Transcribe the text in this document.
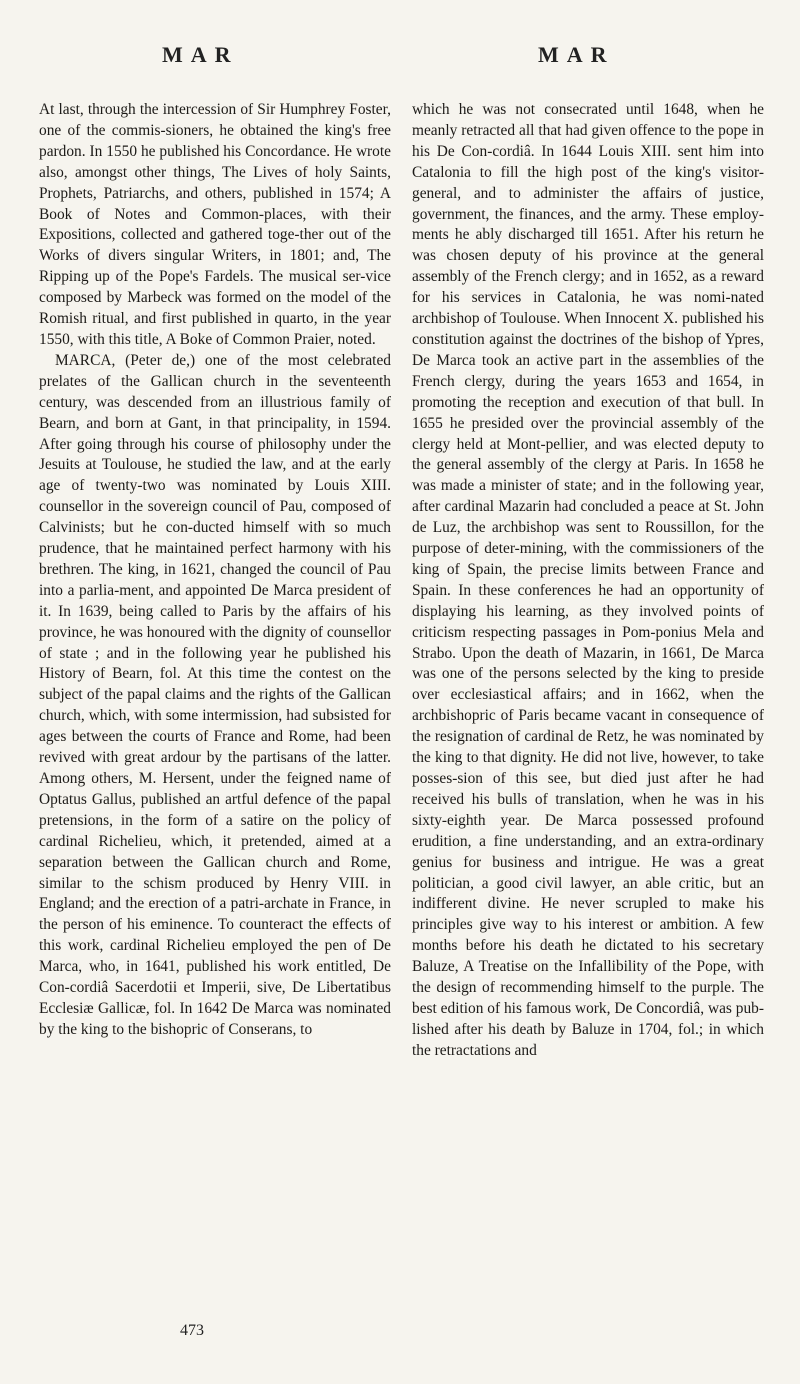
MAR	MAR

At last, through the intercession of Sir Humphrey Foster, one of the commis-sioners, he obtained the king's free pardon. In 1550 he published his Concordance. He wrote also, amongst other things, The Lives of holy Saints, Prophets, Patriarchs, and others, published in 1574; A Book of Notes and Common-places, with their Expositions, collected and gathered toge-ther out of the Works of divers singular Writers, in 1801; and, The Ripping up of the Pope's Fardels. The musical ser-vice composed by Marbeck was formed on the model of the Romish ritual, and first published in quarto, in the year 1550, with this title, A Boke of Common Praier, noted.

MARCA, (Peter de,) one of the most celebrated prelates of the Gallican church in the seventeenth century, was descended from an illustrious family of Bearn, and born at Gant, in that principality, in 1594. After going through his course of philosophy under the Jesuits at Toulouse, he studied the law, and at the early age of twenty-two was nominated by Louis XIII. counsellor in the sovereign council of Pau, composed of Calvinists; but he con-ducted himself with so much prudence, that he maintained perfect harmony with his brethren. The king, in 1621, changed the council of Pau into a parlia-ment, and appointed De Marca president of it. In 1639, being called to Paris by the affairs of his province, he was honoured with the dignity of counsellor of state ; and in the following year he published his History of Bearn, fol. At this time the contest on the subject of the papal claims and the rights of the Gallican church, which, with some intermission, had subsisted for ages between the courts of France and Rome, had been revived with great ardour by the partisans of the latter. Among others, M. Hersent, under the feigned name of Optatus Gallus, published an artful defence of the papal pretensions, in the form of a satire on the policy of cardinal Richelieu, which, it pretended, aimed at a separation between the Gallican church and Rome, similar to the schism produced by Henry VIII. in England; and the erection of a patri-archate in France, in the person of his eminence. To counteract the effects of this work, cardinal Richelieu employed the pen of De Marca, who, in 1641, published his work entitled, De Con-cordiâ Sacerdotii et Imperii, sive, De Libertatibus Ecclesiæ Gallicæ, fol. In 1642 De Marca was nominated by the king to the bishopric of Conserans, to

which he was not consecrated until 1648, when he meanly retracted all that had given offence to the pope in his De Con-cordiâ. In 1644 Louis XIII. sent him into Catalonia to fill the high post of the king's visitor-general, and to administer the affairs of justice, government, the finances, and the army. These employ-ments he ably discharged till 1651. After his return he was chosen deputy of his province at the general assembly of the French clergy; and in 1652, as a reward for his services in Catalonia, he was nomi-nated archbishop of Toulouse. When Innocent X. published his constitution against the doctrines of the bishop of Ypres, De Marca took an active part in the assemblies of the French clergy, during the years 1653 and 1654, in promoting the reception and execution of that bull. In 1655 he presided over the provincial assembly of the clergy held at Mont-pellier, and was elected deputy to the general assembly of the clergy at Paris. In 1658 he was made a minister of state; and in the following year, after cardinal Mazarin had concluded a peace at St. John de Luz, the archbishop was sent to Roussillon, for the purpose of deter-mining, with the commissioners of the king of Spain, the precise limits between France and Spain. In these conferences he had an opportunity of displaying his learning, as they involved points of criticism respecting passages in Pom-ponius Mela and Strabo. Upon the death of Mazarin, in 1661, De Marca was one of the persons selected by the king to preside over ecclesiastical affairs; and in 1662, when the archbishopric of Paris became vacant in consequence of the resignation of cardinal de Retz, he was nominated by the king to that dignity. He did not live, however, to take posses-sion of this see, but died just after he had received his bulls of translation, when he was in his sixty-eighth year. De Marca possessed profound erudition, a fine understanding, and an extra-ordinary genius for business and intrigue. He was a great politician, a good civil lawyer, an able critic, but an indifferent divine. He never scrupled to make his principles give way to his interest or ambition. A few months before his death he dictated to his secretary Baluze, A Treatise on the Infallibility of the Pope, with the design of recommending himself to the purple. The best edition of his famous work, De Concordiâ, was pub-lished after his death by Baluze in 1704, fol.; in which the retractations and

473
